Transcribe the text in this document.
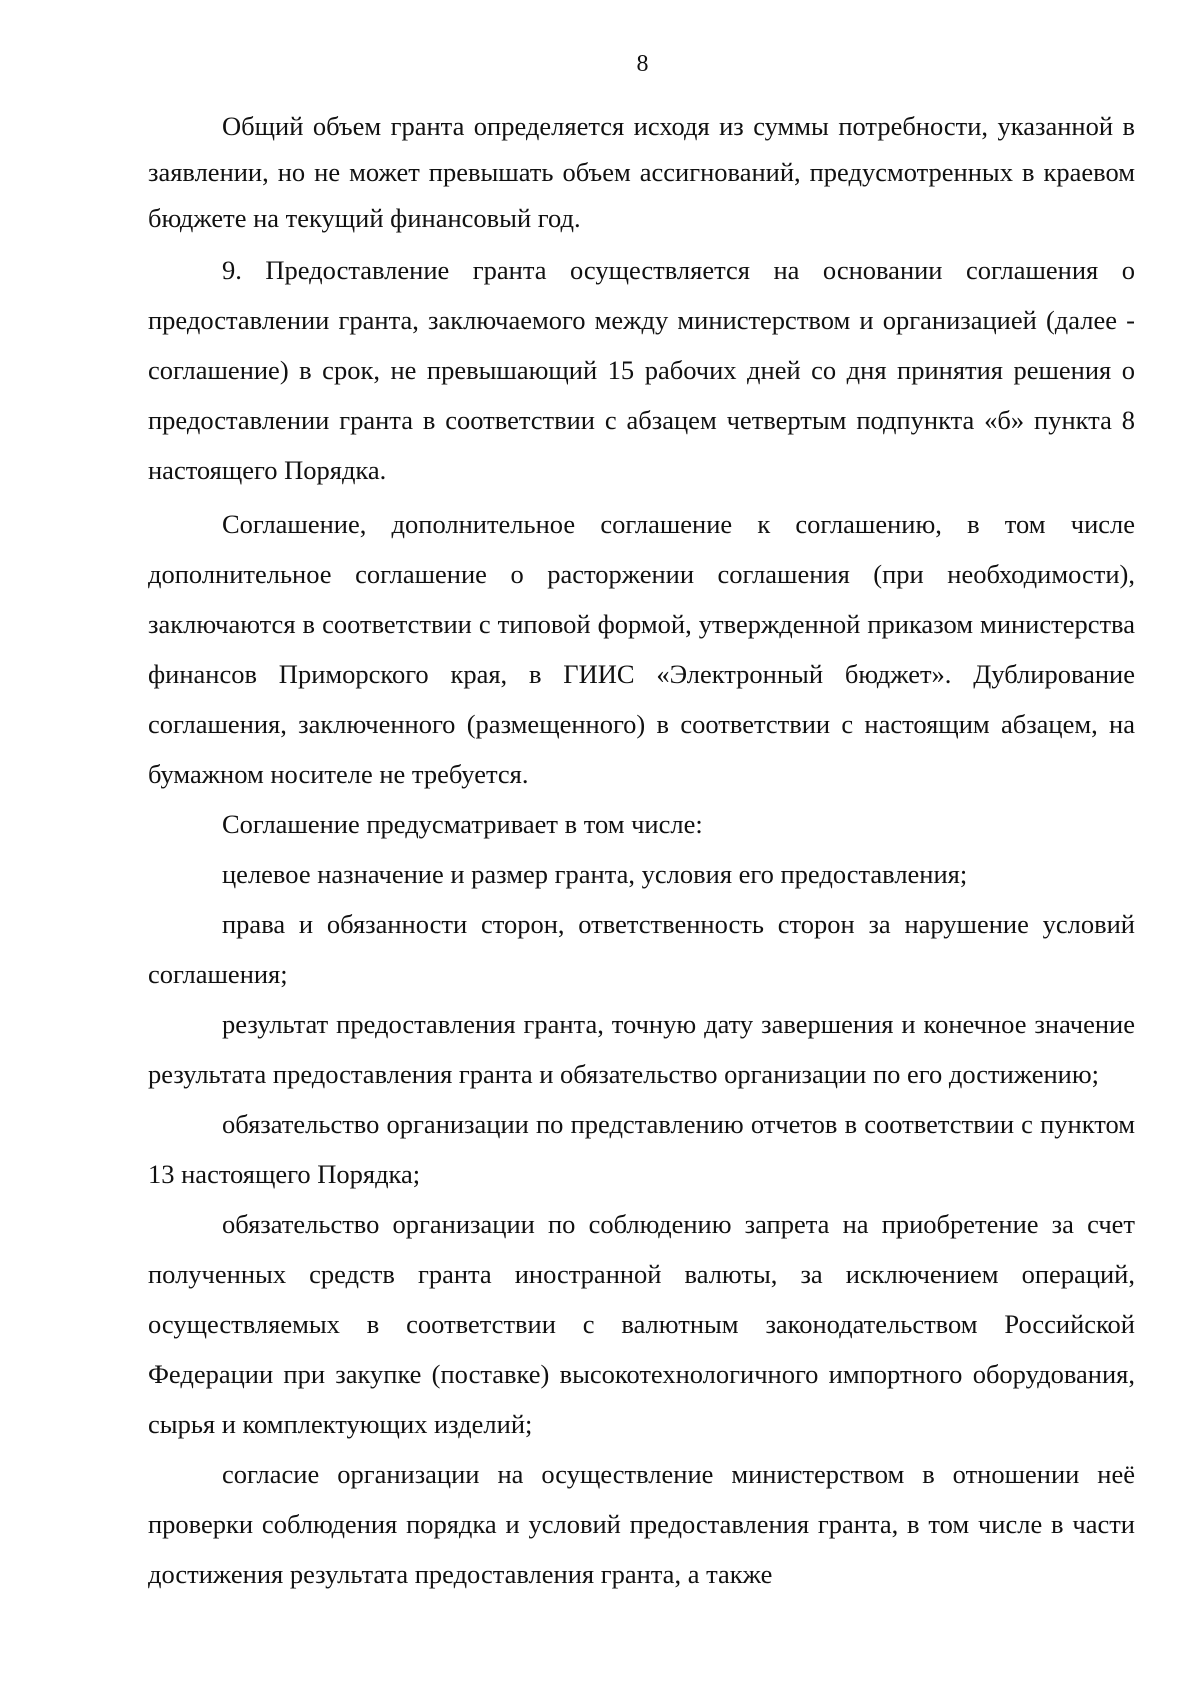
8

Общий объем гранта определяется исходя из суммы потребности, указанной в заявлении, но не может превышать объем ассигнований, предусмотренных в краевом бюджете на текущий финансовый год.

9. Предоставление гранта осуществляется на основании соглашения о предоставлении гранта, заключаемого между министерством и организацией (далее - соглашение) в срок, не превышающий 15 рабочих дней со дня принятия решения о предоставлении гранта в соответствии с абзацем четвертым подпункта «б» пункта 8 настоящего Порядка.

Соглашение, дополнительное соглашение к соглашению, в том числе дополнительное соглашение о расторжении соглашения (при необходимости), заключаются в соответствии с типовой формой, утвержденной приказом министерства финансов Приморского края, в ГИИС «Электронный бюджет». Дублирование соглашения, заключенного (размещенного) в соответствии с настоящим абзацем, на бумажном носителе не требуется.

Соглашение предусматривает в том числе:

целевое назначение и размер гранта, условия его предоставления;

права и обязанности сторон, ответственность сторон за нарушение условий соглашения;

результат предоставления гранта, точную дату завершения и конечное значение результата предоставления гранта и обязательство организации по его достижению;

обязательство организации по представлению отчетов в соответствии с пунктом 13 настоящего Порядка;

обязательство организации по соблюдению запрета на приобретение за счет полученных средств гранта иностранной валюты, за исключением операций, осуществляемых в соответствии с валютным законодательством Российской Федерации при закупке (поставке) высокотехнологичного импортного оборудования, сырья и комплектующих изделий;

согласие организации на осуществление министерством в отношении неё проверки соблюдения порядка и условий предоставления гранта, в том числе в части достижения результата предоставления гранта, а также
